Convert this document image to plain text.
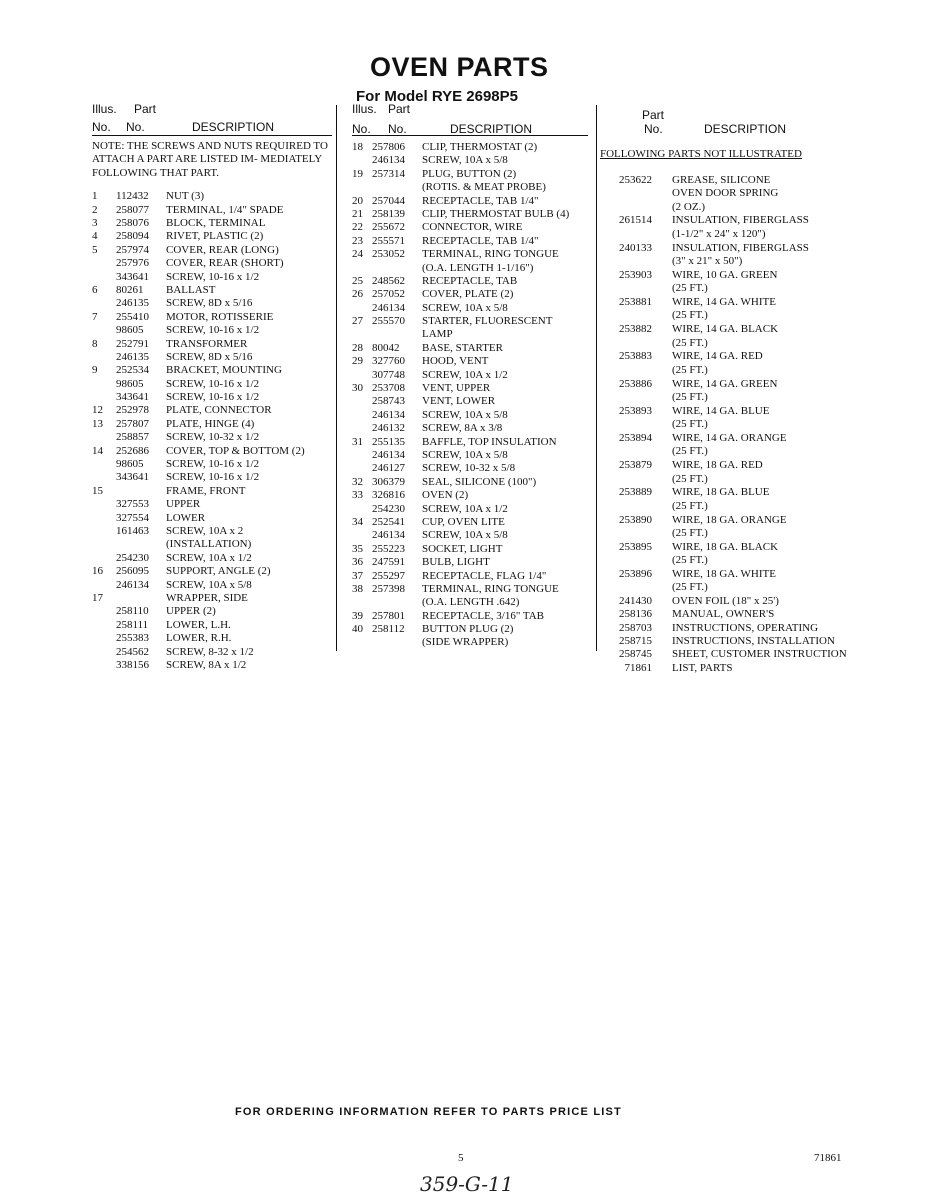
OVEN PARTS
For Model RYE 2698P5
Illus. Part
No. No.	DESCRIPTION
NOTE: THE SCREWS AND NUTS REQUIRED TO ATTACH A PART ARE LISTED IM- MEDIATELY FOLLOWING THAT PART.
1 112432 NUT (3)
2 258077 TERMINAL, 1/4" SPADE
3 258076 BLOCK, TERMINAL
4 258094 RIVET, PLASTIC (2)
5 257974 COVER, REAR (LONG)
257976 COVER, REAR (SHORT)
343641 SCREW, 10-16 x 1/2
6 80261 BALLAST
246135 SCREW, 8D x 5/16
7 255410 MOTOR, ROTISSERIE
98605 SCREW, 10-16 x 1/2
8 252791 TRANSFORMER
246135 SCREW, 8D x 5/16
9 252534 BRACKET, MOUNTING
98605 SCREW, 10-16 x 1/2
343641 SCREW, 10-16 x 1/2
12 252978 PLATE, CONNECTOR
13 257807 PLATE, HINGE (4)
258857 SCREW, 10-32 x 1/2
14 252686 COVER, TOP & BOTTOM (2)
98605 SCREW, 10-16 x 1/2
343641 SCREW, 10-16 x 1/2
15	FRAME, FRONT
327553 UPPER
327554 LOWER
161463 SCREW, 10A x 2
(INSTALLATION)
254230 SCREW, 10A x 1/2
16 256095 SUPPORT, ANGLE (2)
246134 SCREW, 10A x 5/8
17	WRAPPER, SIDE
258110 UPPER (2)
258111 LOWER, L.H.
255383 LOWER, R.H.
254562 SCREW, 8-32 x 1/2
338156 SCREW, 8A x 1/2
Illus. Part
No. No.	DESCRIPTION
18 257806 CLIP, THERMOSTAT (2)
246134 SCREW, 10A x 5/8
19 257314 PLUG, BUTTON (2)
(ROTIS. & MEAT PROBE)
20 257044 RECEPTACLE, TAB 1/4"
21 258139 CLIP, THERMOSTAT BULB (4)
22 255672 CONNECTOR, WIRE
23 255571 RECEPTACLE, TAB 1/4"
24 253052 TERMINAL, RING TONGUE
(O.A. LENGTH 1-1/16")
25 248562 RECEPTACLE, TAB
26 257052 COVER, PLATE (2)
246134 SCREW, 10A x 5/8
27 255570 STARTER, FLUORESCENT
LAMP
28 80042 BASE, STARTER
29 327760 HOOD, VENT
307748 SCREW, 10A x 1/2
30 253708 VENT, UPPER
258743 VENT, LOWER
246134 SCREW, 10A x 5/8
246132 SCREW, 8A x 3/8
31 255135 BAFFLE, TOP INSULATION
246134 SCREW, 10A x 5/8
246127 SCREW, 10-32 x 5/8
32 306379 SEAL, SILICONE (100")
33 326816 OVEN (2)
254230 SCREW, 10A x 1/2
34 252541 CUP, OVEN LITE
246134 SCREW, 10A x 5/8
35 255223 SOCKET, LIGHT
36 247591 BULB, LIGHT
37 255297 RECEPTACLE, FLAG 1/4"
38 257398 TERMINAL, RING TONGUE
(O.A. LENGTH .642)
39 257801 RECEPTACLE, 3/16" TAB
40 258112 BUTTON PLUG (2)
(SIDE WRAPPER)
Part
No.	DESCRIPTION
FOLLOWING PARTS NOT ILLUSTRATED
253622 GREASE, SILICONE
OVEN DOOR SPRING
(2 OZ.)
261514 INSULATION, FIBERGLASS
(1-1/2" x 24" x 120")
240133 INSULATION, FIBERGLASS
(3" x 21" x 50")
253903 WIRE, 10 GA. GREEN
(25 FT.)
253881 WIRE, 14 GA. WHITE
(25 FT.)
253882 WIRE, 14 GA. BLACK
(25 FT.)
253883 WIRE, 14 GA. RED
(25 FT.)
253886 WIRE, 14 GA. GREEN
(25 FT.)
253893 WIRE, 14 GA. BLUE
(25 FT.)
253894 WIRE, 14 GA. ORANGE
(25 FT.)
253879 WIRE, 18 GA. RED
(25 FT.)
253889 WIRE, 18 GA. BLUE
(25 FT.)
253890 WIRE, 18 GA. ORANGE
(25 FT.)
253895 WIRE, 18 GA. BLACK
(25 FT.)
253896 WIRE, 18 GA. WHITE
(25 FT.)
241430 OVEN FOIL (18" x 25')
258136 MANUAL, OWNER'S
258703 INSTRUCTIONS, OPERATING
258715 INSTRUCTIONS, INSTALLATION
258745 SHEET, CUSTOMER INSTRUCTION
71861 LIST, PARTS
FOR ORDERING INFORMATION REFER TO PARTS PRICE LIST
5	71861
359-G-11
